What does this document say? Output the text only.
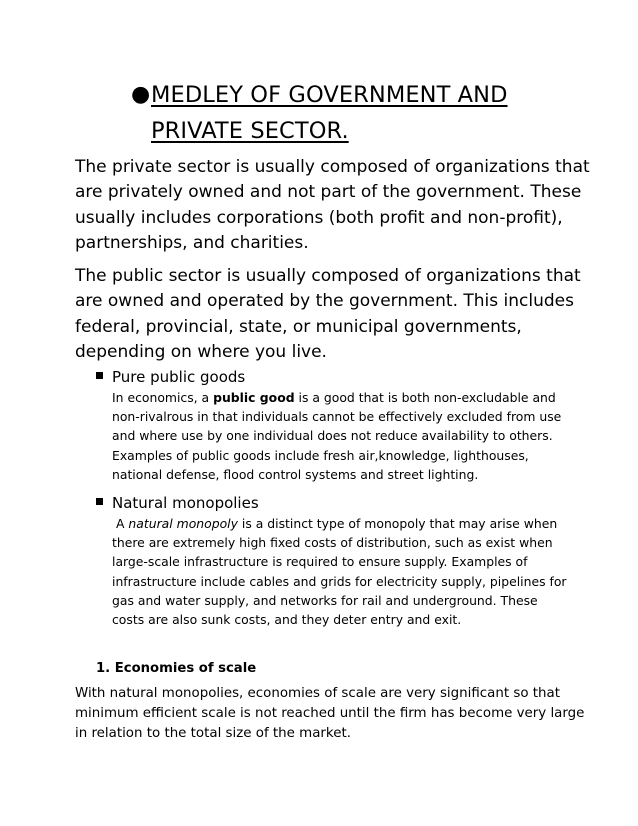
● MEDLEY OF GOVERNMENT AND
PRIVATE SECTOR.

The private sector is usually composed of organizations that are privately owned and not part of the government. These usually includes corporations (both profit and non-profit), partnerships, and charities.

The public sector is usually composed of organizations that are owned and operated by the government. This includes federal, provincial, state, or municipal governments, depending on where you live.

Pure public goods

In economics, a public good is a good that is both non-excludable and non-rivalrous in that individuals cannot be effectively excluded from use and where use by one individual does not reduce availability to others. Examples of public goods include fresh air,knowledge, lighthouses, national defense, flood control systems and street lighting.

Natural monopolies

A natural monopoly is a distinct type of monopoly that may arise when there are extremely high fixed costs of distribution, such as exist when large-scale infrastructure is required to ensure supply. Examples of infrastructure include cables and grids for electricity supply, pipelines for gas and water supply, and networks for rail and underground. These costs are also sunk costs, and they deter entry and exit.

1. Economies of scale

With natural monopolies, economies of scale are very significant so that minimum efficient scale is not reached until the firm has become very large in relation to the total size of the market.
